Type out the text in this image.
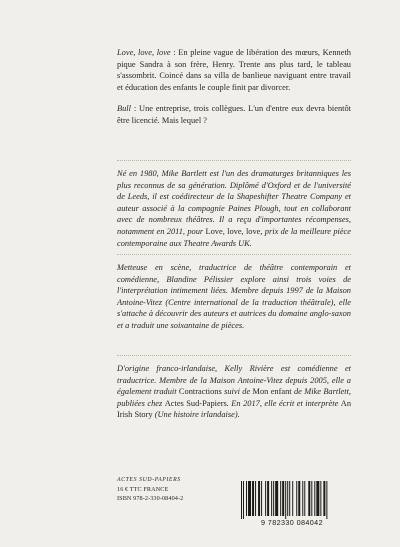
Love, love, love : En pleine vague de libération des mœurs, Kenneth pique Sandra à son frère, Henry. Trente ans plus tard, le tableau s'assombrit. Coincé dans sa villa de banlieue naviguant entre travail et éducation des enfants le couple finit par divorcer.

Bull : Une entreprise, trois collègues. L'un d'entre eux devra bientôt être licencié. Mais lequel ?

Né en 1980, Mike Bartlett est l'un des dramaturges britanniques les plus reconnus de sa génération. Diplômé d'Oxford et de l'université de Leeds, il est coédirecteur de la Shapeshifter Theatre Company et auteur associé à la compagnie Paines Plough, tout en collaborant avec de nombreux théâtres. Il a reçu d'importantes récompenses, notamment en 2011, pour Love, love, love, prix de la meilleure pièce contemporaine aux Theatre Awards UK.

Metteuse en scène, traductrice de théâtre contemporain et comédienne, Blandine Pélissier explore ainsi trois voies de l'interprétation intimement liées. Membre depuis 1997 de la Maison Antoine-Vitez (Centre international de la traduction théâtrale), elle s'attache à découvrir des auteurs et autrices du domaine anglo-saxon et a traduit une soixantaine de pièces.

D'origine franco-irlandaise, Kelly Rivière est comédienne et traductrice. Membre de la Maison Antoine-Vitez depuis 2005, elle a également traduit Contractions suivi de Mon enfant de Mike Bartlett, publiées chez Actes Sud-Papiers. En 2017, elle écrit et interprète An Irish Story (Une histoire irlandaise).

ACTES SUD-PAPIERS
16 € TTC FRANCE
ISBN 978-2-330-08404-2
9 782330 084042
